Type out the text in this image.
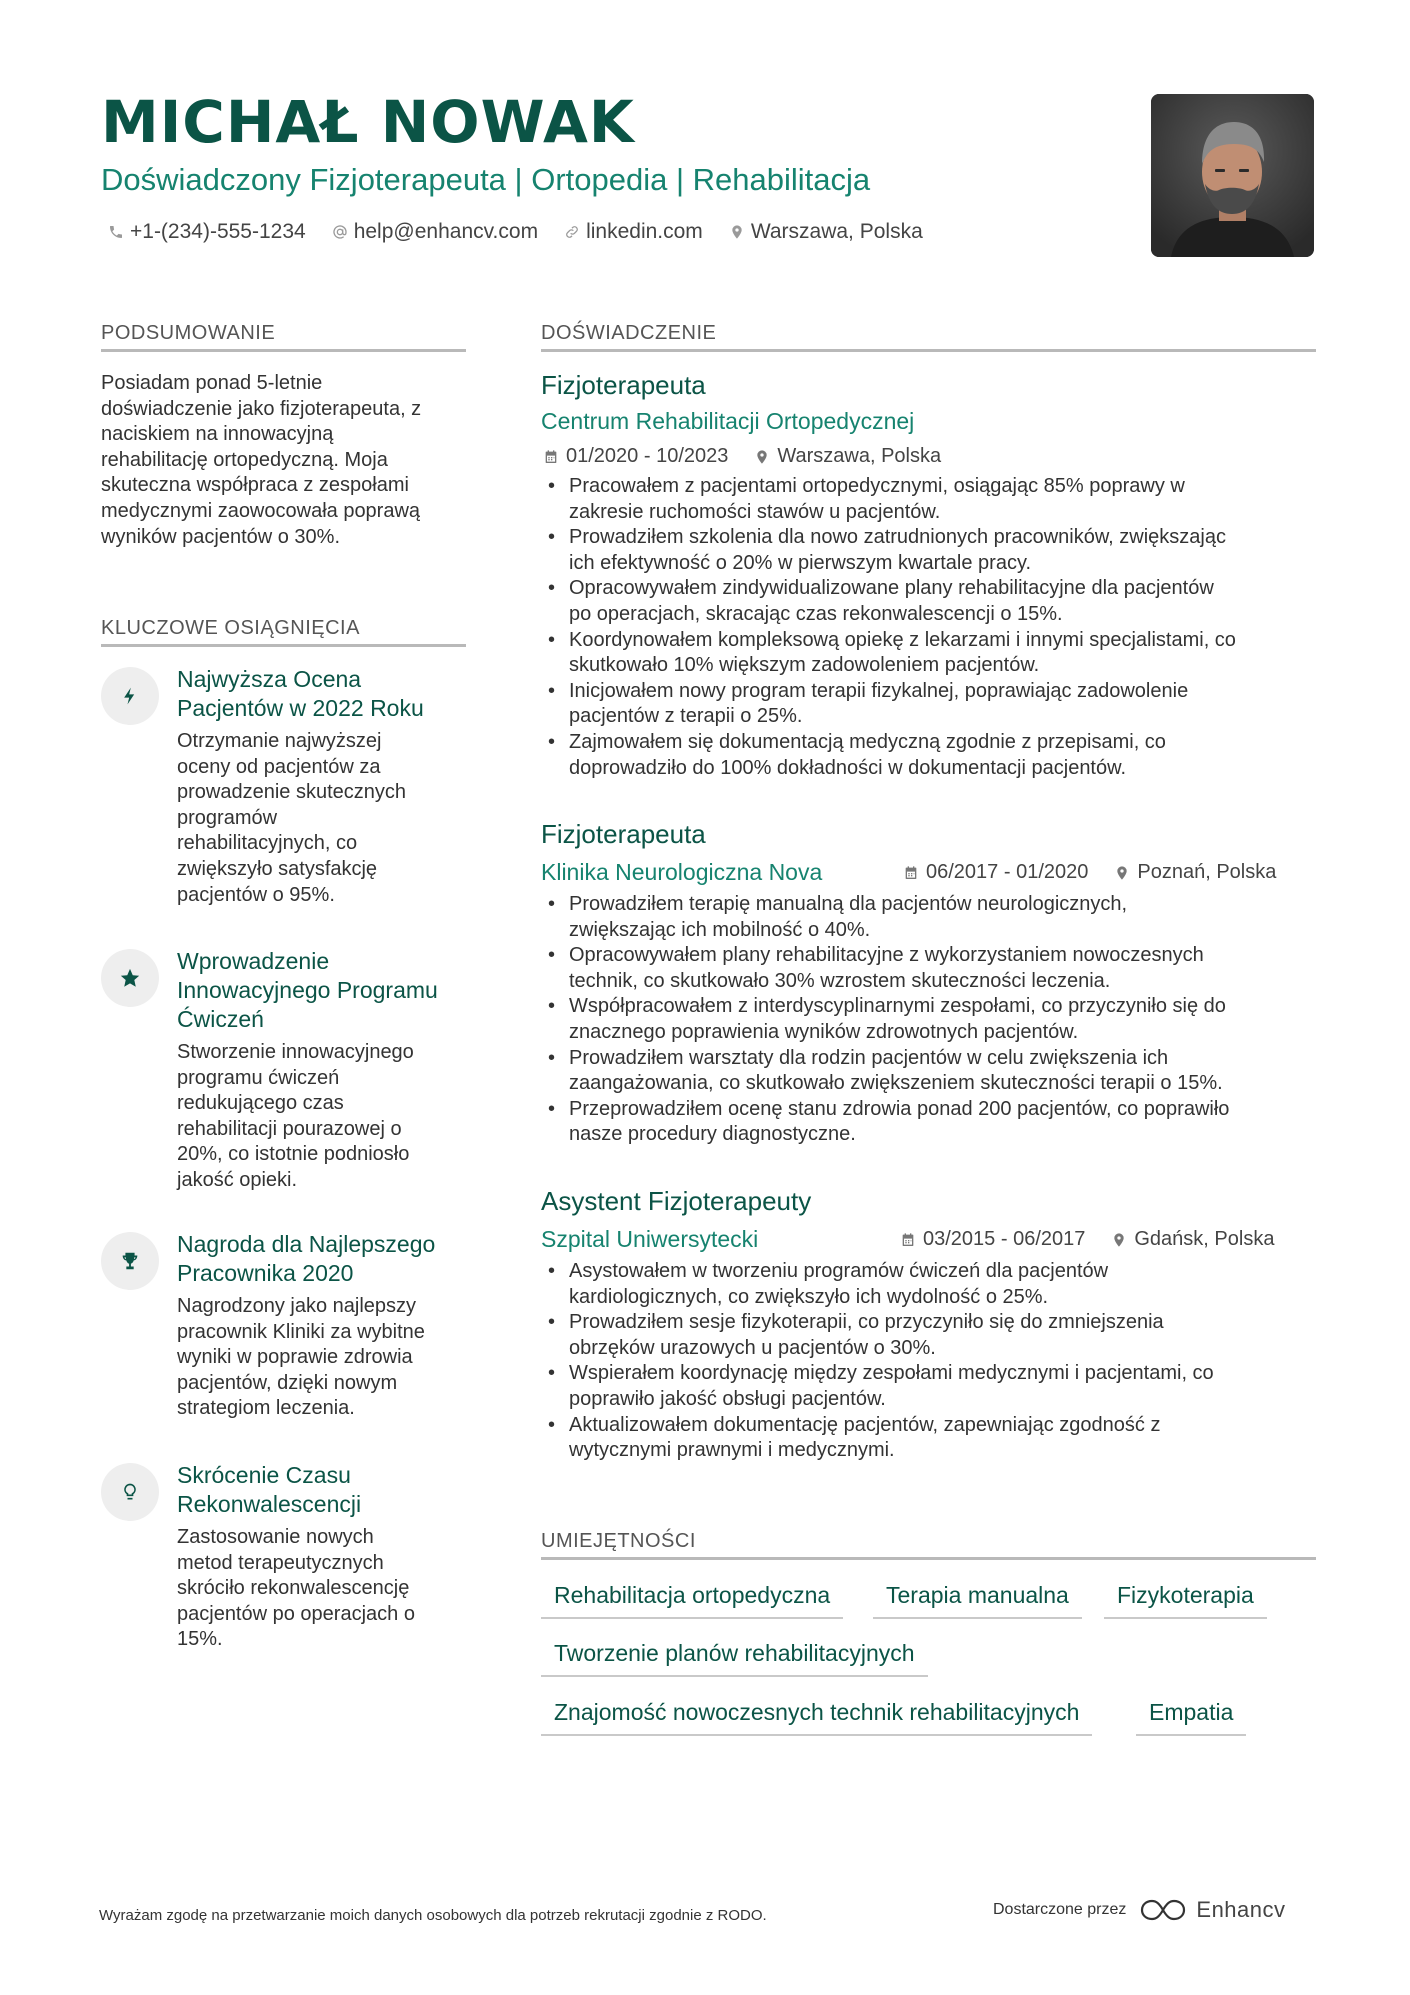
MICHAŁ NOWAK
Doświadczony Fizjoterapeuta | Ortopedia | Rehabilitacja
+1-(234)-555-1234 help@enhancv.com linkedin.com Warszawa, Polska
PODSUMOWANIE
Posiadam ponad 5-letnie
doświadczenie jako fizjoterapeuta, z
naciskiem na innowacyjną
rehabilitację ortopedyczną. Moja
skuteczna współpraca z zespołami
medycznymi zaowocowała poprawą
wyników pacjentów o 30%.
KLUCZOWE OSIĄGNIĘCIA
Najwyższa Ocena
Pacjentów w 2022 Roku
Otrzymanie najwyższej
oceny od pacjentów za
prowadzenie skutecznych
programów
rehabilitacyjnych, co
zwiększyło satysfakcję
pacjentów o 95%.
Wprowadzenie
Innowacyjnego Programu
Ćwiczeń
Stworzenie innowacyjnego
programu ćwiczeń
redukującego czas
rehabilitacji pourazowej o
20%, co istotnie podniosło
jakość opieki.
Nagroda dla Najlepszego
Pracownika 2020
Nagrodzony jako najlepszy
pracownik Kliniki za wybitne
wyniki w poprawie zdrowia
pacjentów, dzięki nowym
strategiom leczenia.
Skrócenie Czasu
Rekonwalescencji
Zastosowanie nowych
metod terapeutycznych
skróciło rekonwalescencję
pacjentów po operacjach o
15%.
DOŚWIADCZENIE
Fizjoterapeuta
Centrum Rehabilitacji Ortopedycznej
01/2020 - 10/2023 Warszawa, Polska
• Pracowałem z pacjentami ortopedycznymi, osiągając 85% poprawy w
zakresie ruchomości stawów u pacjentów.
• Prowadziłem szkolenia dla nowo zatrudnionych pracowników, zwiększając
ich efektywność o 20% w pierwszym kwartale pracy.
• Opracowywałem zindywidualizowane plany rehabilitacyjne dla pacjentów
po operacjach, skracając czas rekonwalescencji o 15%.
• Koordynowałem kompleksową opiekę z lekarzami i innymi specjalistami, co
skutkowało 10% większym zadowoleniem pacjentów.
• Inicjowałem nowy program terapii fizykalnej, poprawiając zadowolenie
pacjentów z terapii o 25%.
• Zajmowałem się dokumentacją medyczną zgodnie z przepisami, co
doprowadziło do 100% dokładności w dokumentacji pacjentów.
Fizjoterapeuta
Klinika Neurologiczna Nova	06/2017 - 01/2020 Poznań, Polska
• Prowadziłem terapię manualną dla pacjentów neurologicznych,
zwiększając ich mobilność o 40%.
• Opracowywałem plany rehabilitacyjne z wykorzystaniem nowoczesnych
technik, co skutkowało 30% wzrostem skuteczności leczenia.
• Współpracowałem z interdyscyplinarnymi zespołami, co przyczyniło się do
znacznego poprawienia wyników zdrowotnych pacjentów.
• Prowadziłem warsztaty dla rodzin pacjentów w celu zwiększenia ich
zaangażowania, co skutkowało zwiększeniem skuteczności terapii o 15%.
• Przeprowadziłem ocenę stanu zdrowia ponad 200 pacjentów, co poprawiło
nasze procedury diagnostyczne.
Asystent Fizjoterapeuty
Szpital Uniwersytecki	03/2015 - 06/2017 Gdańsk, Polska
• Asystowałem w tworzeniu programów ćwiczeń dla pacjentów
kardiologicznych, co zwiększyło ich wydolność o 25%.
• Prowadziłem sesje fizykoterapii, co przyczyniło się do zmniejszenia
obrzęków urazowych u pacjentów o 30%.
• Wspierałem koordynację między zespołami medycznymi i pacjentami, co
poprawiło jakość obsługi pacjentów.
• Aktualizowałem dokumentację pacjentów, zapewniając zgodność z
wytycznymi prawnymi i medycznymi.
UMIEJĘTNOŚCI
Rehabilitacja ortopedyczna	Terapia manualna	Fizykoterapia
Tworzenie planów rehabilitacyjnych
Znajomość nowoczesnych technik rehabilitacyjnych	Empatia
Wyrażam zgodę na przetwarzanie moich danych osobowych dla potrzeb rekrutacji zgodnie z RODO.	Dostarczone przez	Enhancv
